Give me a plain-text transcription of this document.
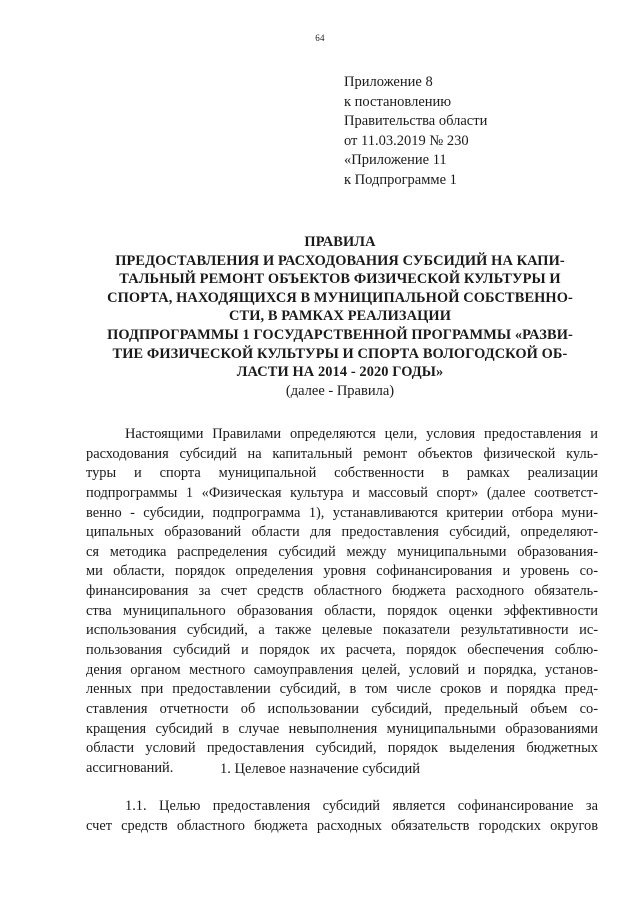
64
Приложение 8
к постановлению
Правительства области
от 11.03.2019 № 230
«Приложение 11
к Подпрограмме 1
ПРАВИЛА
ПРЕДОСТАВЛЕНИЯ И РАСХОДОВАНИЯ СУБСИДИЙ НА КАПИ-
ТАЛЬНЫЙ РЕМОНТ ОБЪЕКТОВ ФИЗИЧЕСКОЙ КУЛЬТУРЫ И
СПОРТА, НАХОДЯЩИХСЯ В МУНИЦИПАЛЬНОЙ СОБСТВЕННО-
СТИ, В РАМКАХ РЕАЛИЗАЦИИ
ПОДПРОГРАММЫ 1 ГОСУДАРСТВЕННОЙ ПРОГРАММЫ «РАЗВИ-
ТИЕ ФИЗИЧЕСКОЙ КУЛЬТУРЫ И СПОРТА ВОЛОГОДСКОЙ ОБ-
ЛАСТИ НА 2014 - 2020 ГОДЫ»
(далее - Правила)
Настоящими Правилами определяются цели, условия предоставления и
расходования субсидий на капитальный ремонт объектов физической куль-
туры и спорта муниципальной собственности в рамках реализации
подпрограммы 1 «Физическая культура и массовый спорт» (далее соответст-
венно - субсидии, подпрограмма 1), устанавливаются критерии отбора муни-
ципальных образований области для предоставления субсидий, определяют-
ся методика распределения субсидий между муниципальными образования-
ми области, порядок определения уровня софинансирования и уровень со-
финансирования за счет средств областного бюджета расходного обязатель-
ства муниципального образования области, порядок оценки эффективности
использования субсидий, а также целевые показатели результативности ис-
пользования субсидий и порядок их расчета, порядок обеспечения соблю-
дения органом местного самоуправления целей, условий и порядка, установ-
ленных при предоставлении субсидий, в том числе сроков и порядка пред-
ставления отчетности об использовании субсидий, предельный объем со-
кращения субсидий в случае невыполнения муниципальными образованиями
области условий предоставления субсидий, порядок выделения бюджетных
ассигнований.	1. Целевое назначение субсидий
1.1. Целью предоставления субсидий является софинансирование за
счет средств областного бюджета расходных обязательств городских округов
